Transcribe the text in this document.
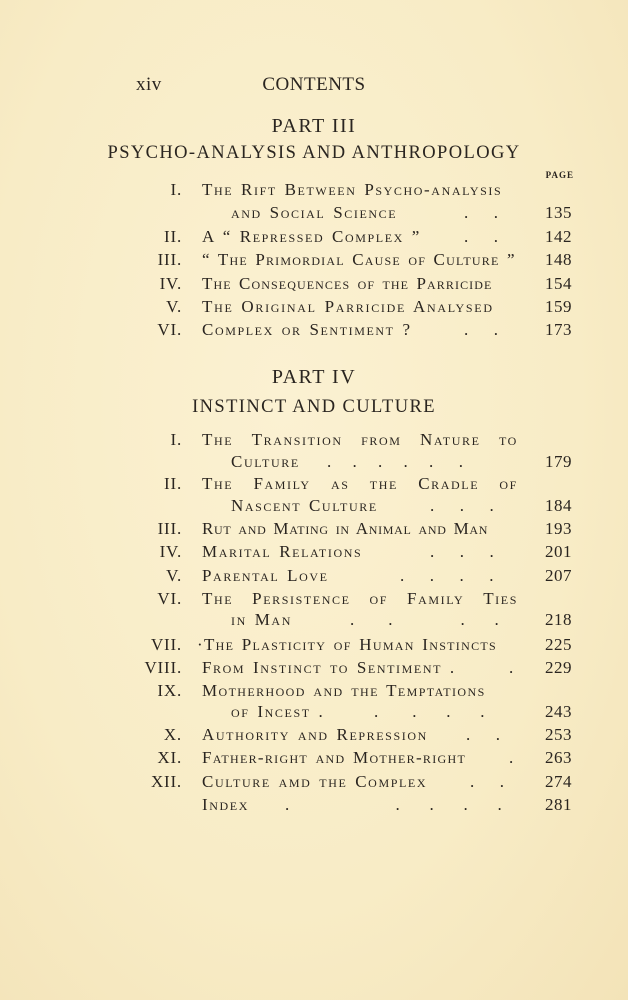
CONTENTS
xiv
PART III
PSYCHO-ANALYSIS AND ANTHROPOLOGY
PAGE
I. The Rift Between Psycho-analysis
and Social Science	.      .	135
II. A “ Repressed Complex ”	.      .	142
III. “ The Primordial Cause of Culture ”	148
IV. The Consequences of the Parricide	154
V. The Original Parricide Analysed	159
VI. Complex or Sentiment ?	.      .	173
PART IV
INSTINCT AND CULTURE
I. The Transition from Nature to
Culture	.     .     .     .     .      .	179
II. The Family as the Cradle of
Nascent Culture	.      .      .	184
III. Rut and Mating in Animal and Man	193
IV. Marital Relations	.      .      .	201
V. Parental Love	.      .      .      .	207
VI. The Persistence of Family Ties
in Man	.        .                .       .	218
VII. ·The Plasticity of Human Instincts	225
VIII. From Instinct to Sentiment .	.	229
IX. Motherhood and the Temptations
of Incest .	.        .       .       .	243
X. Authority and Repression	.      .	253
XI. Father-right and Mother-right	.	263
XII. Culture amd the Complex	.      .	274
Index	.                         .       .       .       .	281
